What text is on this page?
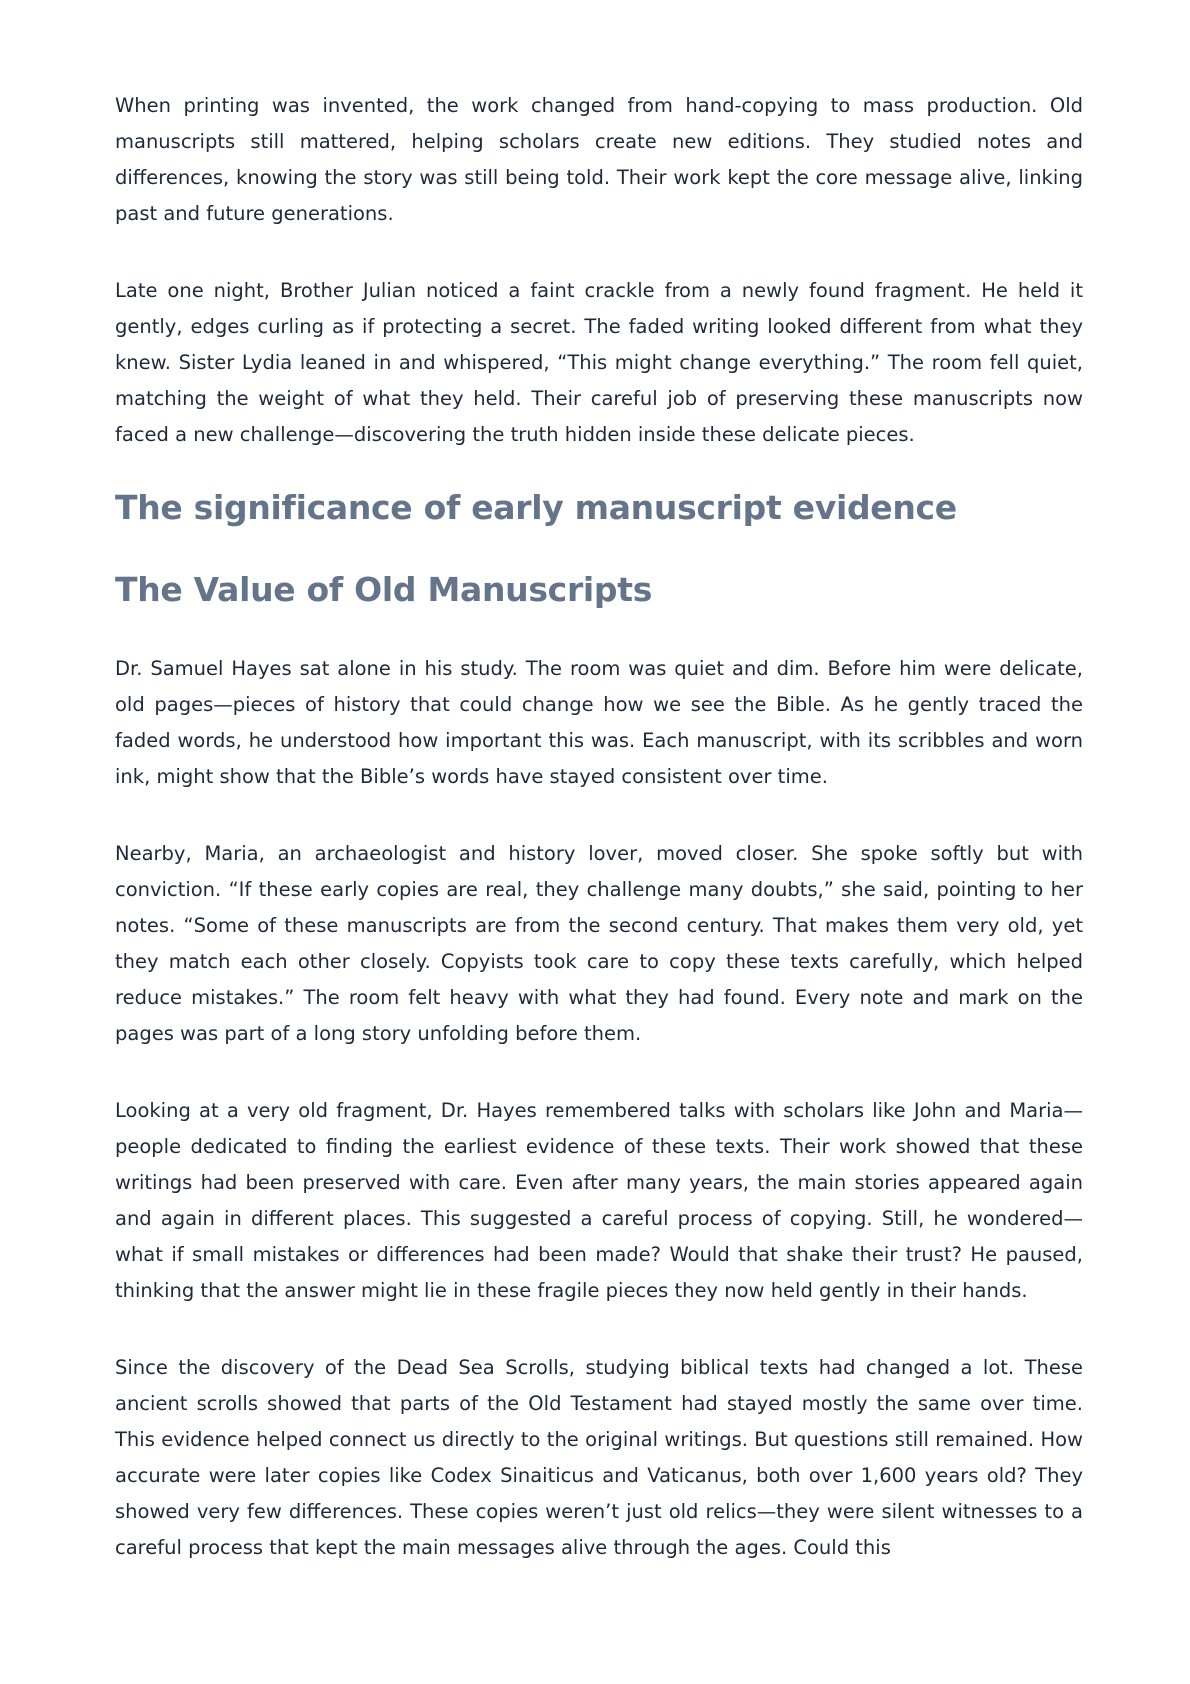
When printing was invented, the work changed from hand-copying to mass production. Old manuscripts still mattered, helping scholars create new editions. They studied notes and differences, knowing the story was still being told. Their work kept the core message alive, linking past and future generations.

Late one night, Brother Julian noticed a faint crackle from a newly found fragment. He held it gently, edges curling as if protecting a secret. The faded writing looked different from what they knew. Sister Lydia leaned in and whispered, “This might change everything.” The room fell quiet, matching the weight of what they held. Their careful job of preserving these manuscripts now faced a new challenge—discovering the truth hidden inside these delicate pieces.

The significance of early manuscript evidence
The Value of Old Manuscripts

Dr. Samuel Hayes sat alone in his study. The room was quiet and dim. Before him were delicate, old pages—pieces of history that could change how we see the Bible. As he gently traced the faded words, he understood how important this was. Each manuscript, with its scribbles and worn ink, might show that the Bible’s words have stayed consistent over time.

Nearby, Maria, an archaeologist and history lover, moved closer. She spoke softly but with conviction. “If these early copies are real, they challenge many doubts,” she said, pointing to her notes. “Some of these manuscripts are from the second century. That makes them very old, yet they match each other closely. Copyists took care to copy these texts carefully, which helped reduce mistakes.” The room felt heavy with what they had found. Every note and mark on the pages was part of a long story unfolding before them.

Looking at a very old fragment, Dr. Hayes remembered talks with scholars like John and Maria—people dedicated to finding the earliest evidence of these texts. Their work showed that these writings had been preserved with care. Even after many years, the main stories appeared again and again in different places. This suggested a careful process of copying. Still, he wondered—what if small mistakes or differences had been made? Would that shake their trust? He paused, thinking that the answer might lie in these fragile pieces they now held gently in their hands.

Since the discovery of the Dead Sea Scrolls, studying biblical texts had changed a lot. These ancient scrolls showed that parts of the Old Testament had stayed mostly the same over time. This evidence helped connect us directly to the original writings. But questions still remained. How accurate were later copies like Codex Sinaiticus and Vaticanus, both over 1,600 years old? They showed very few differences. These copies weren’t just old relics—they were silent witnesses to a careful process that kept the main messages alive through the ages. Could this
